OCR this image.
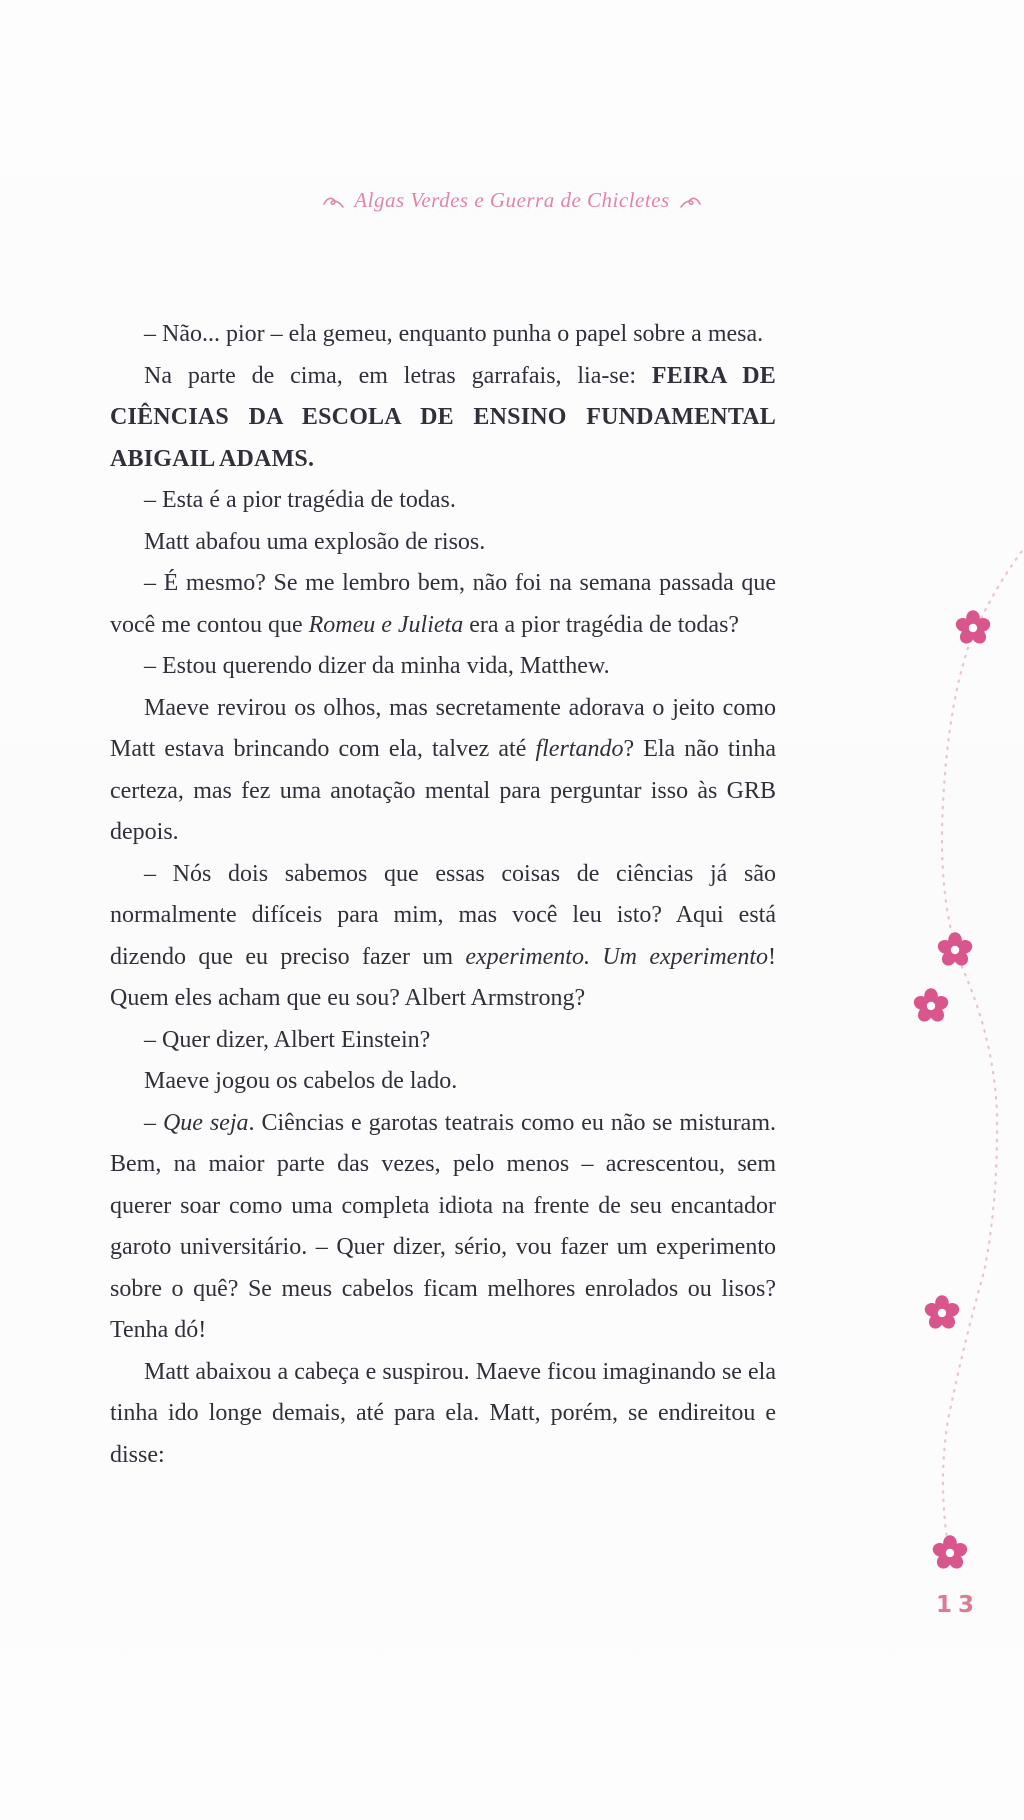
Algas Verdes e Guerra de Chicletes

– Não... pior – ela gemeu, enquanto punha o papel sobre a mesa.

Na parte de cima, em letras garrafais, lia-se: FEIRA DE CIÊNCIAS DA ESCOLA DE ENSINO FUNDAMENTAL ABIGAIL ADAMS.

– Esta é a pior tragédia de todas.

Matt abafou uma explosão de risos.

– É mesmo? Se me lembro bem, não foi na semana passada que você me contou que Romeu e Julieta era a pior tragédia de todas?

– Estou querendo dizer da minha vida, Matthew.

Maeve revirou os olhos, mas secretamente adorava o jeito como Matt estava brincando com ela, talvez até flertando? Ela não tinha certeza, mas fez uma anotação mental para perguntar isso às GRB depois.

– Nós dois sabemos que essas coisas de ciências já são normalmente difíceis para mim, mas você leu isto? Aqui está dizendo que eu preciso fazer um experimento. Um experimento! Quem eles acham que eu sou? Albert Armstrong?

– Quer dizer, Albert Einstein?

Maeve jogou os cabelos de lado.

– Que seja. Ciências e garotas teatrais como eu não se misturam. Bem, na maior parte das vezes, pelo menos – acrescentou, sem querer soar como uma completa idiota na frente de seu encantador garoto universitário. – Quer dizer, sério, vou fazer um experimento sobre o quê? Se meus cabelos ficam melhores enrolados ou lisos? Tenha dó!

Matt abaixou a cabeça e suspirou. Maeve ficou imaginando se ela tinha ido longe demais, até para ela. Matt, porém, se endireitou e disse:

13
